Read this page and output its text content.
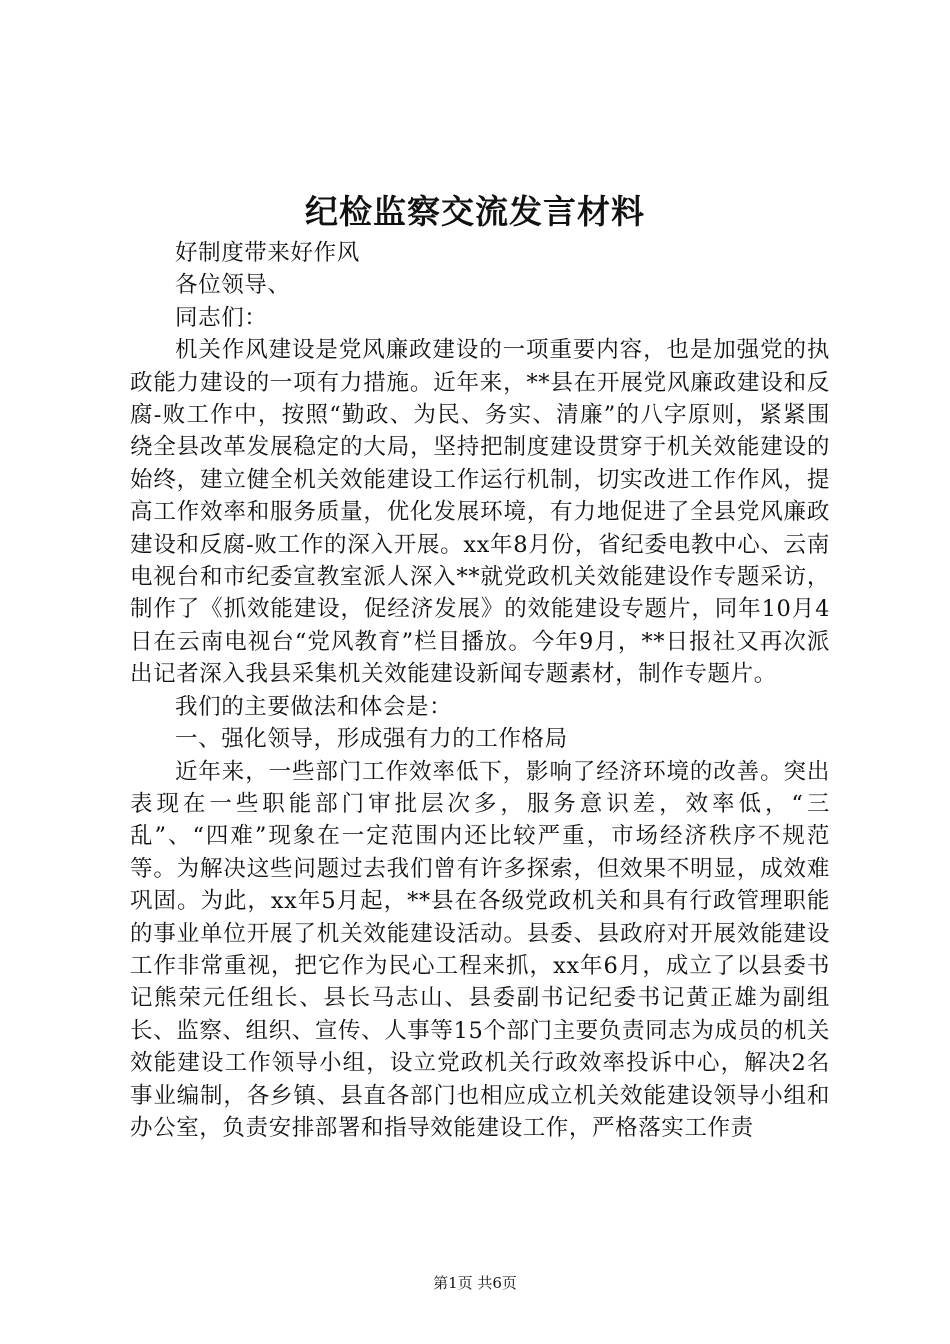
纪检监察交流发言材料

好制度带来好作风

各位领导、

同志们：

机关作风建设是党风廉政建设的一项重要内容，也是加强党的执政能力建设的一项有力措施。近年来，**县在开展党风廉政建设和反腐-败工作中，按照“勤政、为民、务实、清廉”的八字原则，紧紧围绕全县改革发展稳定的大局，坚持把制度建设贯穿于机关效能建设的始终，建立健全机关效能建设工作运行机制，切实改进工作作风，提高工作效率和服务质量，优化发展环境，有力地促进了全县党风廉政建设和反腐-败工作的深入开展。xx年8月份，省纪委电教中心、云南电视台和市纪委宣教室派人深入**就党政机关效能建设作专题采访，制作了《抓效能建设，促经济发展》的效能建设专题片，同年10月4日在云南电视台“党风教育”栏目播放。今年9月，**日报社又再次派出记者深入我县采集机关效能建设新闻专题素材，制作专题片。

我们的主要做法和体会是：

一、强化领导，形成强有力的工作格局

近年来，一些部门工作效率低下，影响了经济环境的改善。突出表现在一些职能部门审批层次多，服务意识差，效率低，“三乱”、“四难”现象在一定范围内还比较严重，市场经济秩序不规范等。为解决这些问题过去我们曾有许多探索，但效果不明显，成效难巩固。为此，xx年5月起，**县在各级党政机关和具有行政管理职能的事业单位开展了机关效能建设活动。县委、县政府对开展效能建设工作非常重视，把它作为民心工程来抓，xx年6月，成立了以县委书记熊荣元任组长、县长马志山、县委副书记纪委书记黄正雄为副组长、监察、组织、宣传、人事等15个部门主要负责同志为成员的机关效能建设工作领导小组，设立党政机关行政效率投诉中心，解决2名事业编制，各乡镇、县直各部门也相应成立机关效能建设领导小组和办公室，负责安排部署和指导效能建设工作，严格落实工作责

第1页 共6页
